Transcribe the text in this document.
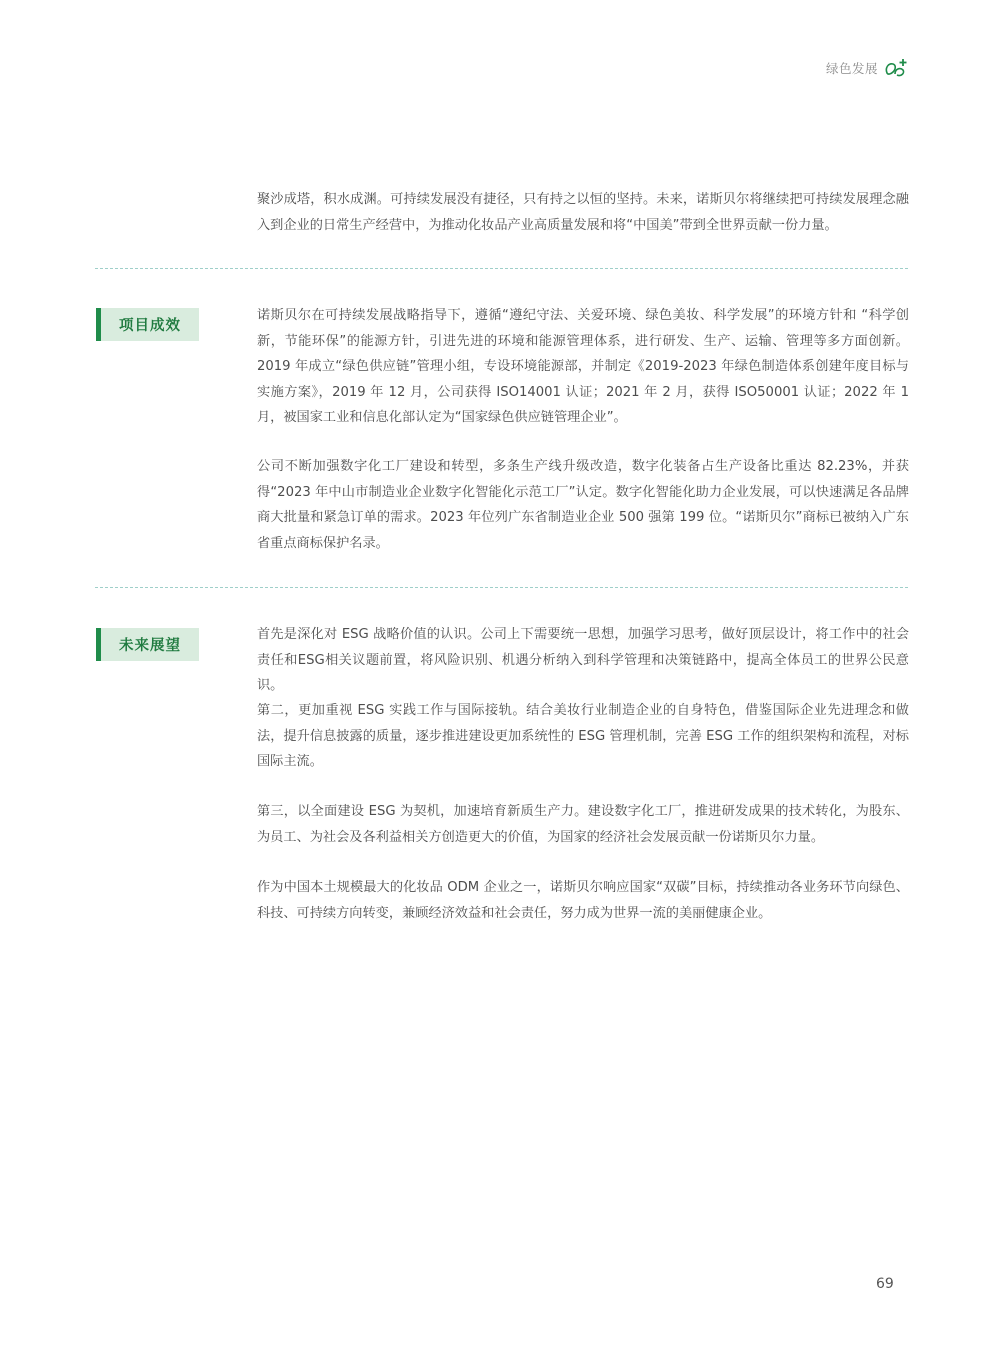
绿色发展

聚沙成塔，积水成渊。可持续发展没有捷径，只有持之以恒的坚持。未来，诺斯贝尔将继续把可持续发展理念融入到企业的日常生产经营中，为推动化妆品产业高质量发展和将“中国美”带到全世界贡献一份力量。

项目成效

诺斯贝尔在可持续发展战略指导下，遵循“遵纪守法、关爱环境、绿色美妆、科学发展”的环境方针和 “科学创新，节能环保”的能源方针，引进先进的环境和能源管理体系，进行研发、生产、运输、管理等多方面创新。2019 年成立“绿色供应链”管理小组，专设环境能源部，并制定《2019-2023 年绿色制造体系创建年度目标与实施方案》，2019 年 12 月，公司获得 ISO14001 认证；2021 年 2 月，获得 ISO50001 认证；2022 年 1 月，被国家工业和信息化部认定为“国家绿色供应链管理企业”。

公司不断加强数字化工厂建设和转型，多条生产线升级改造，数字化装备占生产设备比重达 82.23%，并获得“2023 年中山市制造业企业数字化智能化示范工厂”认定。数字化智能化助力企业发展，可以快速满足各品牌商大批量和紧急订单的需求。2023 年位列广东省制造业企业 500 强第 199 位。“诺斯贝尔”商标已被纳入广东省重点商标保护名录。

未来展望

首先是深化对 ESG 战略价值的认识。公司上下需要统一思想，加强学习思考，做好顶层设计，将工作中的社会责任和ESG相关议题前置，将风险识别、机遇分析纳入到科学管理和决策链路中，提高全体员工的世界公民意识。

第二，更加重视 ESG 实践工作与国际接轨。结合美妆行业制造企业的自身特色，借鉴国际企业先进理念和做法，提升信息披露的质量，逐步推进建设更加系统性的 ESG 管理机制，完善 ESG 工作的组织架构和流程，对标国际主流。

第三，以全面建设 ESG 为契机，加速培育新质生产力。建设数字化工厂，推进研发成果的技术转化，为股东、为员工、为社会及各利益相关方创造更大的价值，为国家的经济社会发展贡献一份诺斯贝尔力量。

作为中国本土规模最大的化妆品 ODM 企业之一，诺斯贝尔响应国家“双碳”目标，持续推动各业务环节向绿色、科技、可持续方向转变，兼顾经济效益和社会责任，努力成为世界一流的美丽健康企业。

69
